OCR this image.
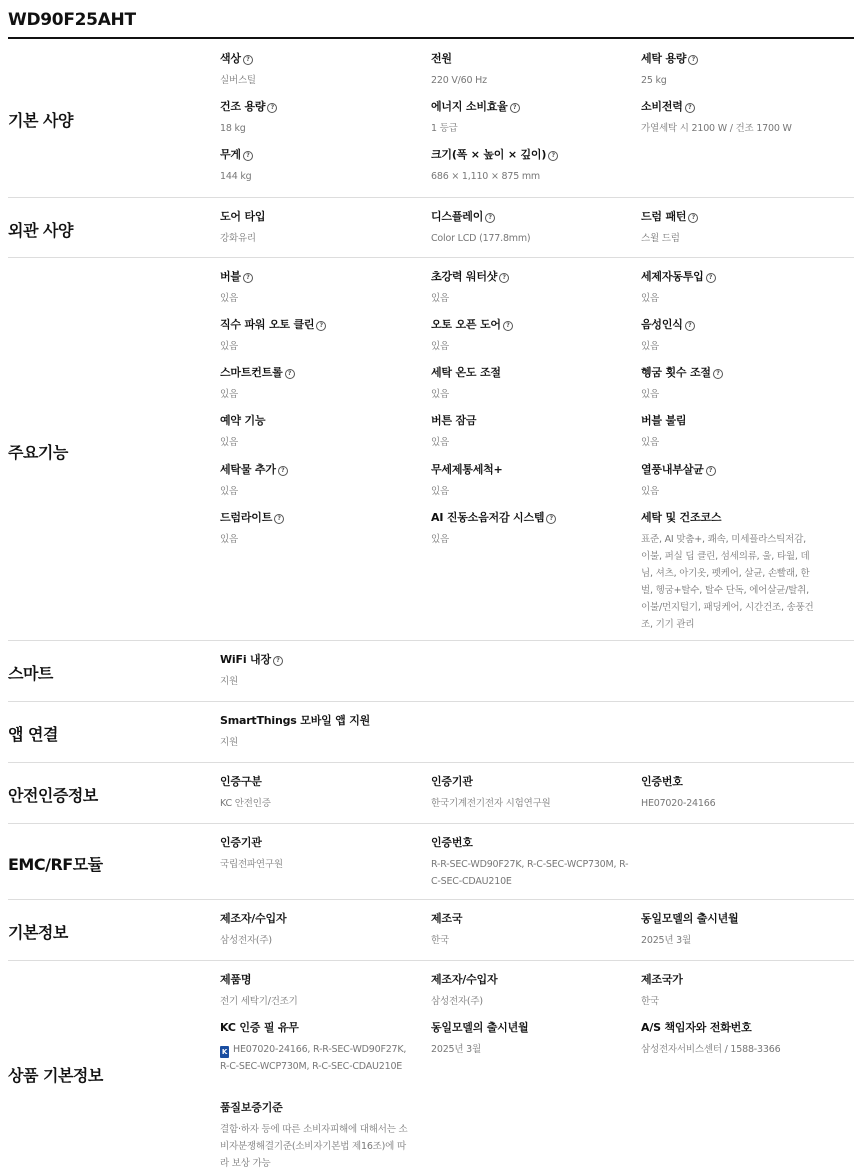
WD90F25AHT
기본 사양
색상 ?
실버스틸
전원
220 V/60 Hz
세탁 용량 ?
25 kg
건조 용량 ?
18 kg
에너지 소비효율 ?
1 등급
소비전력 ?
가열세탁 시 2100 W / 건조 1700 W
무게 ?
144 kg
크기(폭 × 높이 × 깊이) ?
686 × 1,110 × 875 mm
외관 사양
도어 타입
강화유리
디스플레이 ?
Color LCD (177.8mm)
드럼 패턴 ?
스윌 드럼
주요기능
버블 ?
있음
초강력 워터샷 ?
있음
세제자동투입 ?
있음
직수 파워 오토 클린 ?
있음
오토 오픈 도어 ?
있음
음성인식 ?
있음
스마트컨트롤 ?
있음
세탁 온도 조절
있음
헹굼 횟수 조절 ?
있음
예약 기능
있음
버튼 잠금
있음
버블 불림
있음
세탁물 추가 ?
있음
무세제통세척+
있음
열풍내부살균 ?
있음
드럼라이트 ?
있음
AI 진동소음저감 시스템 ?
있음
세탁 및 건조코스
표준, AI 맞춤+, 쾌속, 미세플라스틱저감, 이불, 퍼실 딥 클린, 섬세의류, 울, 타월, 데님, 셔츠, 아기옷, 펫케어, 살균, 손빨래, 한 벌, 헹굼+탈수, 탈수 단독, 에어살균/탈취, 이불/먼지털기, 패딩케어, 시간건조, 송풍건조, 기기 관리
스마트
WiFi 내장 ?
지원
앱 연결
SmartThings 모바일 앱 지원
지원
안전인증정보
인증구분
KC 안전인증
인증기관
한국기계전기전자 시험연구원
인증번호
HE07020-24166
EMC/RF모듈
인증기관
국립전파연구원
인증번호
R-R-SEC-WD90F27K, R-C-SEC-WCP730M, R-C-SEC-CDAU210E
기본정보
제조자/수입자
삼성전자(주)
제조국
한국
동일모델의 출시년월
2025년 3월
상품 기본정보
제품명
전기 세탁기/건조기
제조자/수입자
삼성전자(주)
제조국가
한국
KC 인증 필 유무
K HE07020-24166, R-R-SEC-WD90F27K, R-C-SEC-WCP730M, R-C-SEC-CDAU210E
동일모델의 출시년월
2025년 3월
A/S 책임자와 전화번호
삼성전자서비스센터 / 1588-3366
품질보증기준
결함·하자 등에 따른 소비자피해에 대해서는 소비자분쟁해결기준(소비자기본법 제16조)에 따라 보상 가능
